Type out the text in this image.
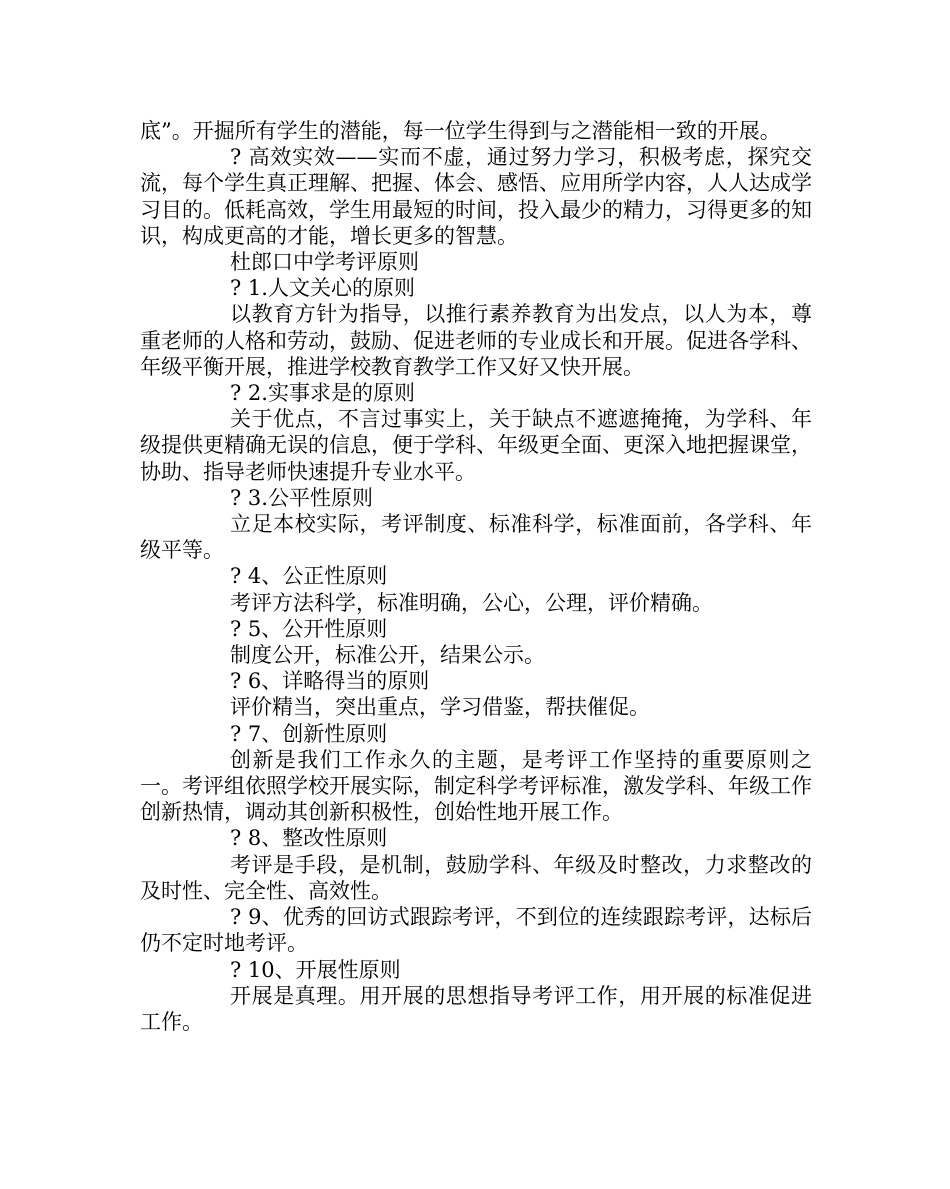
底”。开掘所有学生的潜能，每一位学生得到与之潜能相一致的开展。

? 高效实效——实而不虚，通过努力学习，积极考虑，探究交流，每个学生真正理解、把握、体会、感悟、应用所学内容，人人达成学习目的。低耗高效，学生用最短的时间，投入最少的精力，习得更多的知识，构成更高的才能，增长更多的智慧。

杜郎口中学考评原则

? 1.人文关心的原则

以教育方针为指导，以推行素养教育为出发点，以人为本，尊重老师的人格和劳动，鼓励、促进老师的专业成长和开展。促进各学科、年级平衡开展，推进学校教育教学工作又好又快开展。

? 2.实事求是的原则

关于优点，不言过事实上，关于缺点不遮遮掩掩，为学科、年级提供更精确无误的信息，便于学科、年级更全面、更深入地把握课堂，协助、指导老师快速提升专业水平。

? 3.公平性原则

立足本校实际，考评制度、标准科学，标准面前，各学科、年级平等。

? 4、公正性原则

考评方法科学，标准明确，公心，公理，评价精确。

? 5、公开性原则

制度公开，标准公开，结果公示。

? 6、详略得当的原则

评价精当，突出重点，学习借鉴，帮扶催促。

? 7、创新性原则

创新是我们工作永久的主题，是考评工作坚持的重要原则之一。考评组依照学校开展实际，制定科学考评标准，激发学科、年级工作创新热情，调动其创新积极性，创始性地开展工作。

? 8、整改性原则

考评是手段，是机制，鼓励学科、年级及时整改，力求整改的及时性、完全性、高效性。

? 9、优秀的回访式跟踪考评，不到位的连续跟踪考评，达标后仍不定时地考评。

? 10、开展性原则

开展是真理。用开展的思想指导考评工作，用开展的标准促进工作。
